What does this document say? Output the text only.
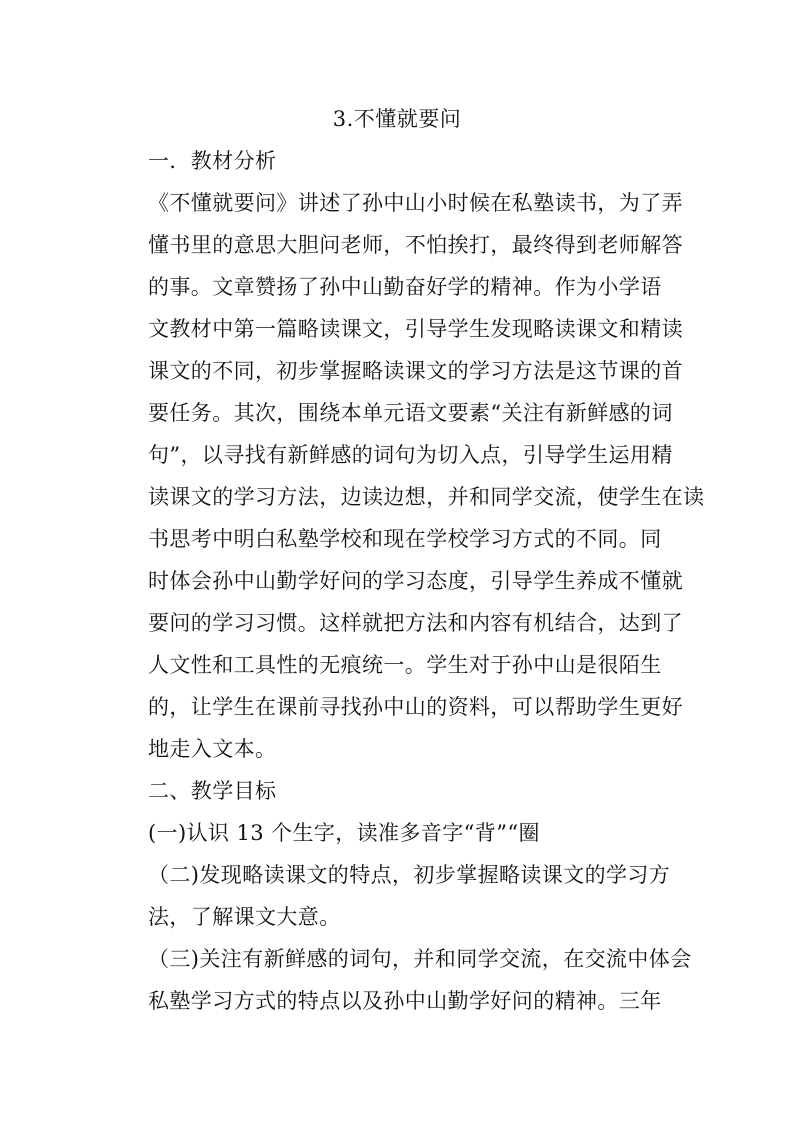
3.不懂就要问
一．教材分析
《不懂就要问》讲述了孙中山小时候在私塾读书，为了弄
懂书里的意思大胆问老师，不怕挨打，最终得到老师解答
的事。文章赞扬了孙中山勤奋好学的精神。作为小学语
文教材中第一篇略读课文，引导学生发现略读课文和精读
课文的不同，初步掌握略读课文的学习方法是这节课的首
要任务。其次，围绕本单元语文要素“关注有新鲜感的词
句”，以寻找有新鲜感的词句为切入点，引导学生运用精
读课文的学习方法，边读边想，并和同学交流，使学生在读
书思考中明白私塾学校和现在学校学习方式的不同。同
时体会孙中山勤学好问的学习态度，引导学生养成不懂就
要问的学习习惯。这样就把方法和内容有机结合，达到了
人文性和工具性的无痕统一。学生对于孙中山是很陌生
的，让学生在课前寻找孙中山的资料，可以帮助学生更好
地走入文本。
二、教学目标
(一)认识 13 个生字，读准多音字“背”“圈
（二)发现略读课文的特点，初步掌握略读课文的学习方
法，了解课文大意。
（三)关注有新鲜感的词句，并和同学交流，在交流中体会
私塾学习方式的特点以及孙中山勤学好问的精神。三年
